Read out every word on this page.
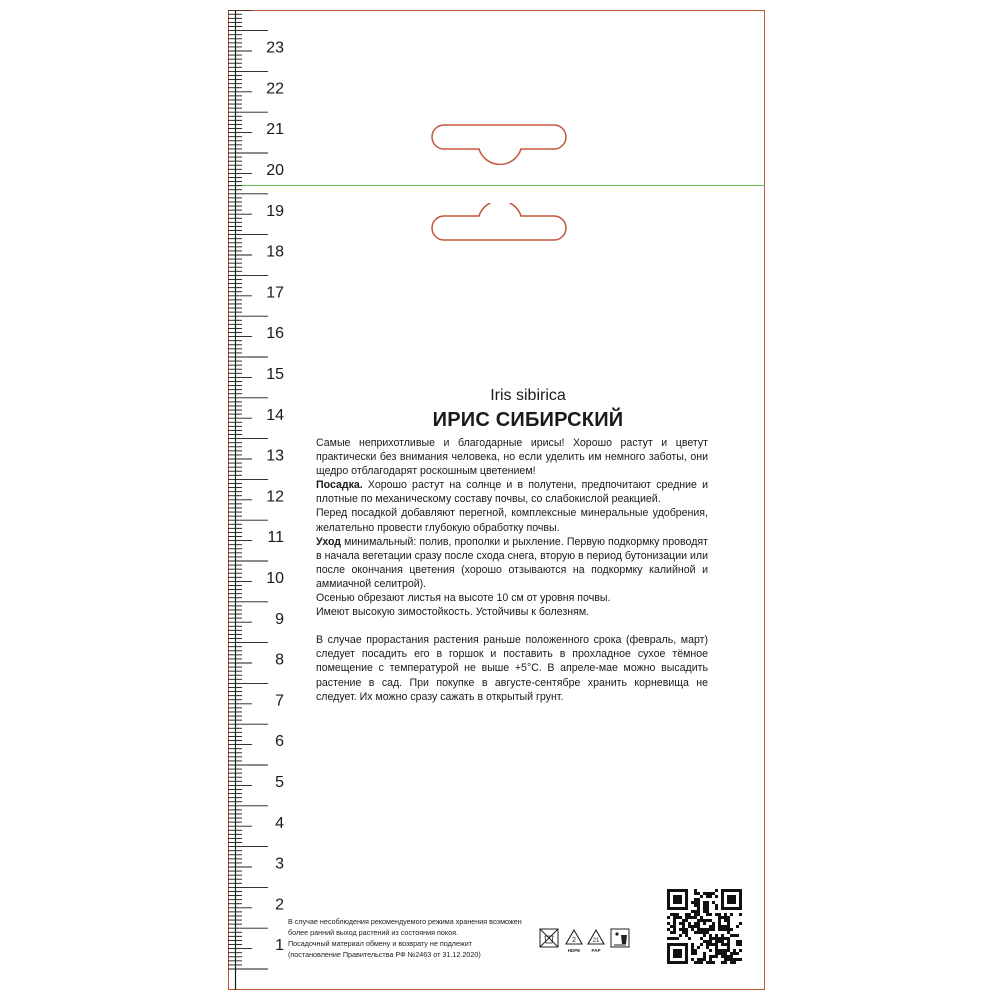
23
22
21
20
19
18
17
16
15
14
13
12
11
10
9
8
7
6
5
4
3
2
1
Iris sibirica
ИРИС СИБИРСКИЙ

Самые неприхотливые и благодарные ирисы! Хорошо растут и цветут практически без внимания человека, но если уделить им немного заботы, они щедро отблагодарят роскошным цветением!

Посадка. Хорошо растут на солнце и в полутени, предпочитают средние и плотные по механическому составу почвы, со слабокислой реакцией.

Перед посадкой добавляют перегной, комплексные минеральные удобрения, желательно провести глубокую обработку почвы.

Уход минимальный: полив, прополки и рыхление. Первую подкормку проводят в начала вегетации сразу после схода снега, вторую в период бутонизации или после окончания цветения (хорошо отзываются на подкормку калийной и аммиачной селитрой).

Осенью обрезают листья на высоте 10 см от уровня почвы.

Имеют высокую зимостойкость. Устойчивы к болезням.

В случае прорастания растения раньше положенного срока (февраль, март) следует посадить его в горшок и поставить в прохладное сухое тёмное помещение с температурой не выше +5°С. В апреле-мае можно высадить растение в сад. При покупке в августе-сентябре хранить корневища не следует. Их можно сразу сажать в открытый грунт.

В случае несоблюдения рекомендуемого режима хранения возможен
более ранний выход растений из состояния покоя.
Посадочный материал обмену и возврату не подлежит
(постановление Правительства РФ №2463 от 31.12.2020)
2
HDPE
21
PAP
